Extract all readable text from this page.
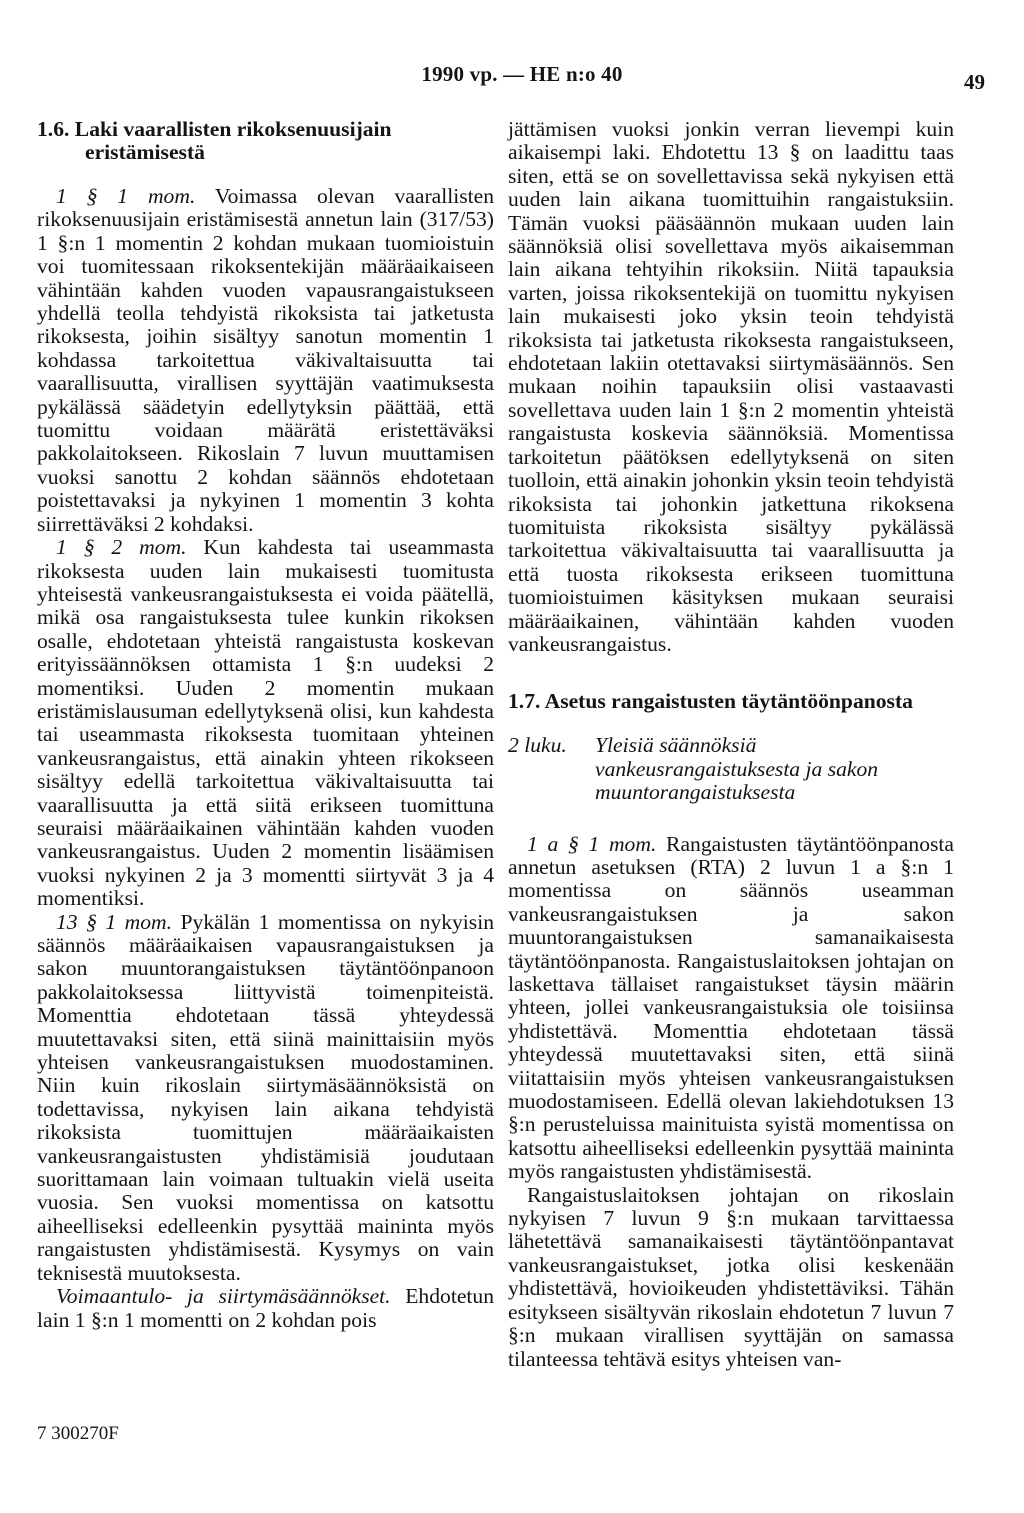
1990 vp. — HE n:o 40	49
1.6. Laki vaarallisten rikoksenuusijain eristämisestä

1 § 1 mom. Voimassa olevan vaarallisten rikoksenuusijain eristämisestä annetun lain (317/53) 1 §:n 1 momentin 2 kohdan mukaan tuomioistuin voi tuomitessaan rikoksentekijän määräaikaiseen vähintään kahden vuoden vapausrangaistukseen yhdellä teolla tehdyistä rikoksista tai jatketusta rikoksesta, joihin sisältyy sanotun momentin 1 kohdassa tarkoitettua väkivaltaisuutta tai vaarallisuutta, virallisen syyttäjän vaatimuksesta pykälässä säädetyin edellytyksin päättää, että tuomittu voidaan määrätä eristettäväksi pakkolaitokseen. Rikoslain 7 luvun muuttamisen vuoksi sanottu 2 kohdan säännös ehdotetaan poistettavaksi ja nykyinen 1 momentin 3 kohta siirrettäväksi 2 kohdaksi.

1 § 2 mom. Kun kahdesta tai useammasta rikoksesta uuden lain mukaisesti tuomitusta yhteisestä vankeusrangaistuksesta ei voida päätellä, mikä osa rangaistuksesta tulee kunkin rikoksen osalle, ehdotetaan yhteistä rangaistusta koskevan erityissäännöksen ottamista 1 §:n uudeksi 2 momentiksi. Uuden 2 momentin mukaan eristämislausuman edellytyksenä olisi, kun kahdesta tai useammasta rikoksesta tuomitaan yhteinen vankeusrangaistus, että ainakin yhteen rikokseen sisältyy edellä tarkoitettua väkivaltaisuutta tai vaarallisuutta ja että siitä erikseen tuomittuna seuraisi määräaikainen vähintään kahden vuoden vankeusrangaistus. Uuden 2 momentin lisäämisen vuoksi nykyinen 2 ja 3 momentti siirtyvät 3 ja 4 momentiksi.

13 § 1 mom. Pykälän 1 momentissa on nykyisin säännös määräaikaisen vapausrangaistuksen ja sakon muuntorangaistuksen täytäntöönpanoon pakkolaitoksessa liittyvistä toimenpiteistä. Momenttia ehdotetaan tässä yhteydessä muutettavaksi siten, että siinä mainittaisiin myös yhteisen vankeusrangaistuksen muodostaminen. Niin kuin rikoslain siirtymäsäännöksistä on todettavissa, nykyisen lain aikana tehdyistä rikoksista tuomittujen määräaikaisten vankeusrangaistusten yhdistämisiä joudutaan suorittamaan lain voimaan tultuakin vielä useita vuosia. Sen vuoksi momentissa on katsottu aiheelliseksi edelleenkin pysyttää maininta myös rangaistusten yhdistämisestä. Kysymys on vain teknisestä muutoksesta.

Voimaantulo- ja siirtymäsäännökset. Ehdotetun lain 1 §:n 1 momentti on 2 kohdan pois

jättämisen vuoksi jonkin verran lievempi kuin aikaisempi laki. Ehdotettu 13 § on laadittu taas siten, että se on sovellettavissa sekä nykyisen että uuden lain aikana tuomittuihin rangaistuksiin. Tämän vuoksi pääsäännön mukaan uuden lain säännöksiä olisi sovellettava myös aikaisemman lain aikana tehtyihin rikoksiin. Niitä tapauksia varten, joissa rikoksentekijä on tuomittu nykyisen lain mukaisesti joko yksin teoin tehdyistä rikoksista tai jatketusta rikoksesta rangaistukseen, ehdotetaan lakiin otettavaksi siirtymäsäännös. Sen mukaan noihin tapauksiin olisi vastaavasti sovellettava uuden lain 1 §:n 2 momentin yhteistä rangaistusta koskevia säännöksiä. Momentissa tarkoitetun päätöksen edellytyksenä on siten tuolloin, että ainakin johonkin yksin teoin tehdyistä rikoksista tai johonkin jatkettuna rikoksena tuomituista rikoksista sisältyy pykälässä tarkoitettua väkivaltaisuutta tai vaarallisuutta ja että tuosta rikoksesta erikseen tuomittuna tuomioistuimen käsityksen mukaan seuraisi määräaikainen, vähintään kahden vuoden vankeusrangaistus.

1.7. Asetus rangaistusten täytäntöönpanosta
2 luku.	Yleisiä säännöksiä vankeusrangaistuksesta ja sakon muuntorangaistuksesta

1 a § 1 mom. Rangaistusten täytäntöönpanosta annetun asetuksen (RTA) 2 luvun 1 a §:n 1 momentissa on säännös useamman vankeusrangaistuksen ja sakon muuntorangaistuksen samanaikaisesta täytäntöönpanosta. Rangaistuslaitoksen johtajan on laskettava tällaiset rangaistukset täysin määrin yhteen, jollei vankeusrangaistuksia ole toisiinsa yhdistettävä. Momenttia ehdotetaan tässä yhteydessä muutettavaksi siten, että siinä viitattaisiin myös yhteisen vankeusrangaistuksen muodostamiseen. Edellä olevan lakiehdotuksen 13 §:n perusteluissa mainituista syistä momentissa on katsottu aiheelliseksi edelleenkin pysyttää maininta myös rangaistusten yhdistämisestä.

Rangaistuslaitoksen johtajan on rikoslain nykyisen 7 luvun 9 §:n mukaan tarvittaessa lähetettävä samanaikaisesti täytäntöönpantavat vankeusrangaistukset, jotka olisi keskenään yhdistettävä, hovioikeuden yhdistettäviksi. Tähän esitykseen sisältyvän rikoslain ehdotetun 7 luvun 7 §:n mukaan virallisen syyttäjän on samassa tilanteessa tehtävä esitys yhteisen van-

7 300270F
